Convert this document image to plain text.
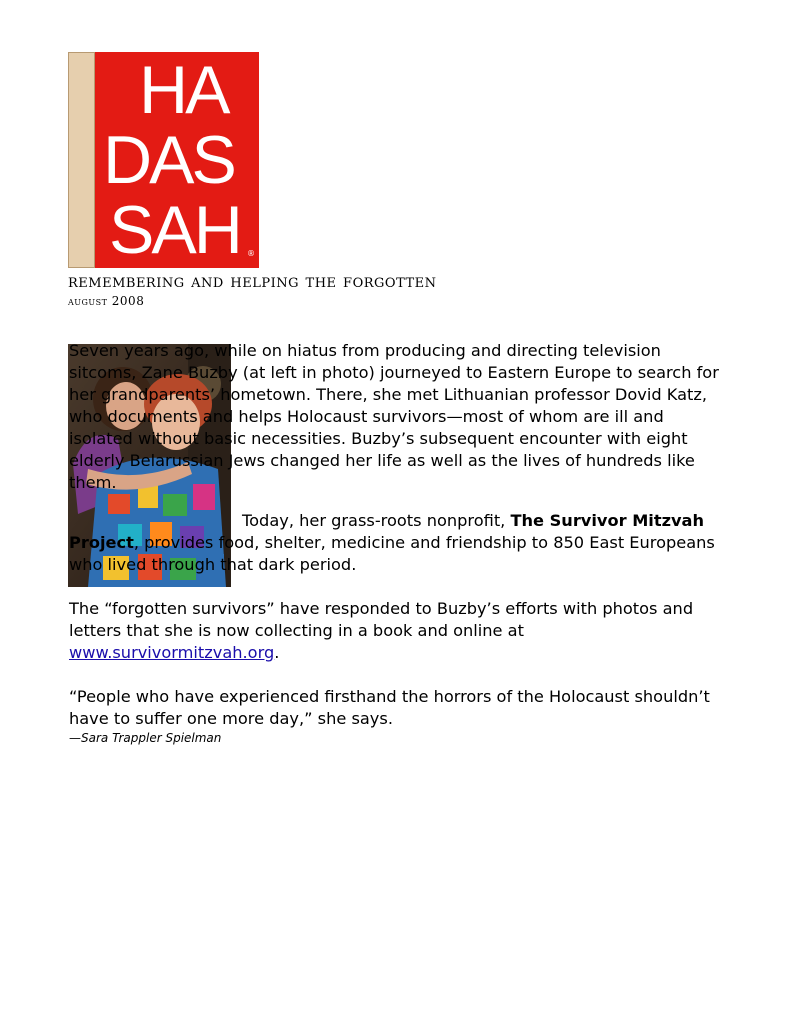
HA
DAS
SAH ®
remembering and helping the forgotten
august 2008

Seven years ago, while on hiatus from producing and directing television sitcoms, Zane Buzby (at left in photo) journeyed to Eastern Europe to search for her grandparents’ hometown. There, she met Lithuanian professor Dovid Katz, who documents and helps Holocaust survivors—most of whom are ill and isolated without basic necessities. Buzby’s subsequent encounter with eight elderly Belarussian Jews changed her life as well as the lives of hundreds like them.

Today, her grass-roots nonprofit, The Survivor Mitzvah Project, provides food, shelter, medicine and friendship to 850 East Europeans who lived through that dark period.

The “forgotten survivors” have responded to Buzby’s efforts with photos and letters that she is now collecting in a book and online at www.survivormitzvah.org.

“People who have experienced firsthand the horrors of the Holocaust shouldn’t have to suffer one more day,” she says.

—Sara Trappler Spielman
